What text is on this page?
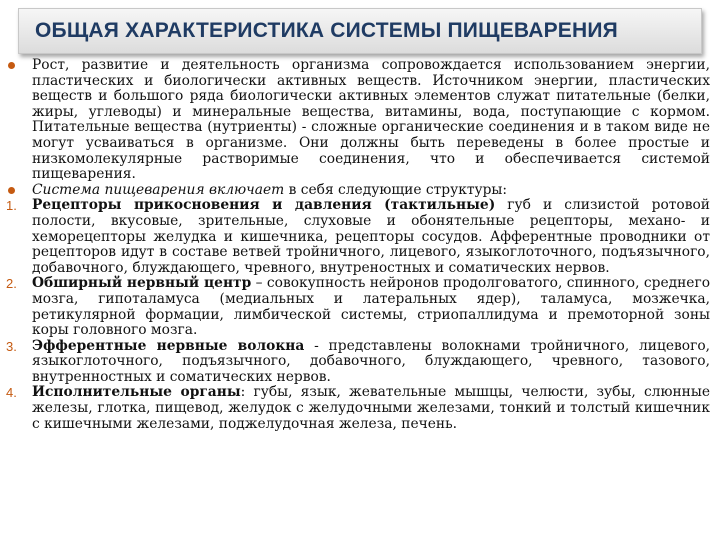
ОБЩАЯ ХАРАКТЕРИСТИКА СИСТЕМЫ ПИЩЕВАРЕНИЯ
Рост, развитие и деятельность организма сопровождается использованием энергии, пластических и биологически активных веществ. Источником энергии, пластических веществ и большого ряда биологически активных элементов служат питательные (белки, жиры, углеводы) и минеральные вещества, витамины, вода, поступающие с кормом. Питательные вещества (нутриенты) - сложные органические соединения и в таком виде не могут усваиваться в организме. Они должны быть переведены в более простые и низкомолекулярные растворимые соединения, что и обеспечивается системой пищеварения.
Система пищеварения включает в себя следующие структуры:
1.	Рецепторы прикосновения и давления (тактильные) губ и слизистой ротовой полости, вкусовые, зрительные, слуховые и обонятельные рецепторы, механо- и хеморецепторы желудка и кишечника, рецепторы сосудов. Афферентные проводники от рецепторов идут в составе ветвей тройничного, лицевого, языкоглоточного, подъязычного, добавочного, блуждающего, чревного, внутреностных и соматических нервов.
2.	Обширный нервный центр – совокупность нейронов продолговатого, спинного, среднего мозга, гипоталамуса (медиальных и латеральных ядер), таламуса, мозжечка, ретикулярной формации, лимбической системы, стриопаллидума и премоторной зоны коры головного мозга.
3.	Эфферентные нервные волокна - представлены волокнами тройничного, лицевого, языкоглоточного, подъязычного, добавочного, блуждающего, чревного, тазового, внутренностных и соматических нервов.
4.	Исполнительные органы: губы, язык, жевательные мышцы, челюсти, зубы, слюнные железы, глотка, пищевод, желудок с желудочными железами, тонкий и толстый кишечник с кишечными железами, поджелудочная железа, печень.
